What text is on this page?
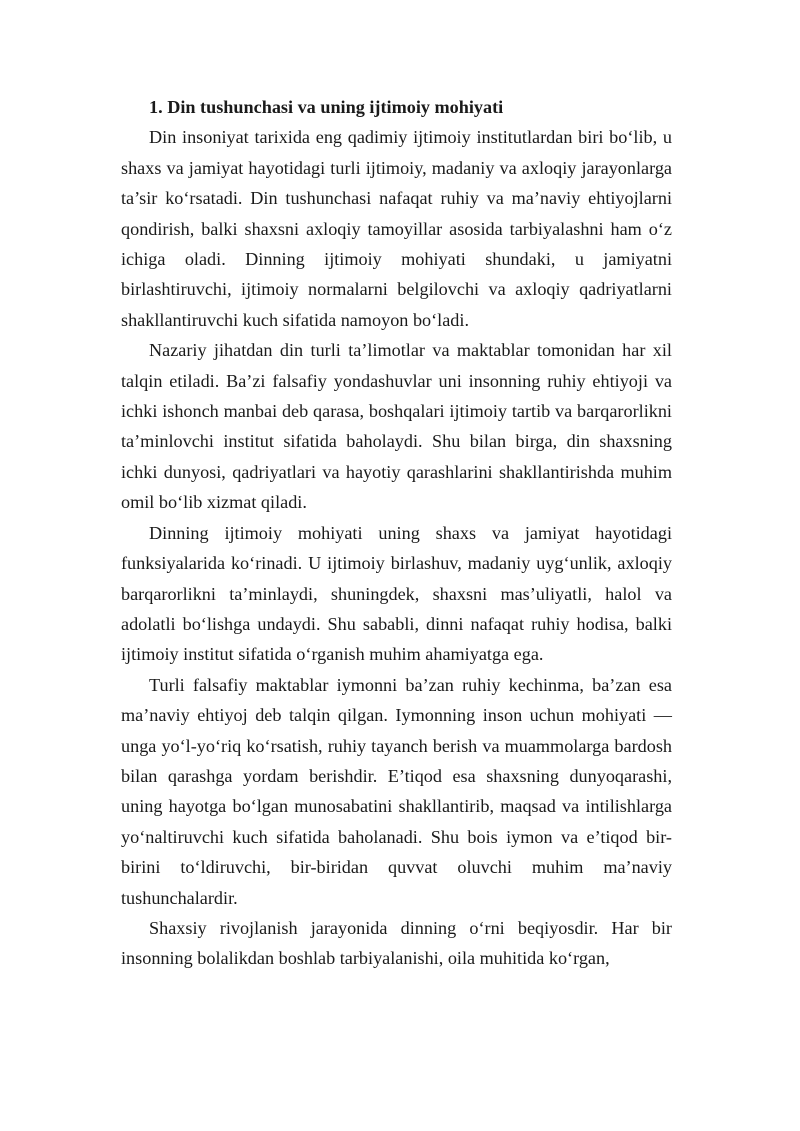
1. Din tushunchasi va uning ijtimoiy mohiyati

Din insoniyat tarixida eng qadimiy ijtimoiy institutlardan biri bo‘lib, u shaxs va jamiyat hayotidagi turli ijtimoiy, madaniy va axloqiy jarayonlarga ta’sir ko‘rsatadi. Din tushunchasi nafaqat ruhiy va ma’naviy ehtiyojlarni qondirish, balki shaxsni axloqiy tamoyillar asosida tarbiyalashni ham o‘z ichiga oladi. Dinning ijtimoiy mohiyati shundaki, u jamiyatni birlashtiruvchi, ijtimoiy normalarni belgilovchi va axloqiy qadriyatlarni shakllantiruvchi kuch sifatida namoyon bo‘ladi.

Nazariy jihatdan din turli ta’limotlar va maktablar tomonidan har xil talqin etiladi. Ba’zi falsafiy yondashuvlar uni insonning ruhiy ehtiyoji va ichki ishonch manbai deb qarasa, boshqalari ijtimoiy tartib va barqarorlikni ta’minlovchi institut sifatida baholaydi. Shu bilan birga, din shaxsning ichki dunyosi, qadriyatlari va hayotiy qarashlarini shakllantirishda muhim omil bo‘lib xizmat qiladi.

Dinning ijtimoiy mohiyati uning shaxs va jamiyat hayotidagi funksiyalarida ko‘rinadi. U ijtimoiy birlashuv, madaniy uyg‘unlik, axloqiy barqarorlikni ta’minlaydi, shuningdek, shaxsni mas’uliyatli, halol va adolatli bo‘lishga undaydi. Shu sababli, dinni nafaqat ruhiy hodisa, balki ijtimoiy institut sifatida o‘rganish muhim ahamiyatga ega.

Turli falsafiy maktablar iymonni ba’zan ruhiy kechinma, ba’zan esa ma’naviy ehtiyoj deb talqin qilgan. Iymonning inson uchun mohiyati — unga yo‘l-yo‘riq ko‘rsatish, ruhiy tayanch berish va muammolarga bardosh bilan qarashga yordam berishdir. E’tiqod esa shaxsning dunyoqarashi, uning hayotga bo‘lgan munosabatini shakllantirib, maqsad va intilishlarga yo‘naltiruvchi kuch sifatida baholanadi. Shu bois iymon va e’tiqod bir-birini to‘ldiruvchi, bir-biridan quvvat oluvchi muhim ma’naviy tushunchalardir.

Shaxsiy rivojlanish jarayonida dinning o‘rni beqiyosdir. Har bir insonning bolalikdan boshlab tarbiyalanishi, oila muhitida ko‘rgan,
